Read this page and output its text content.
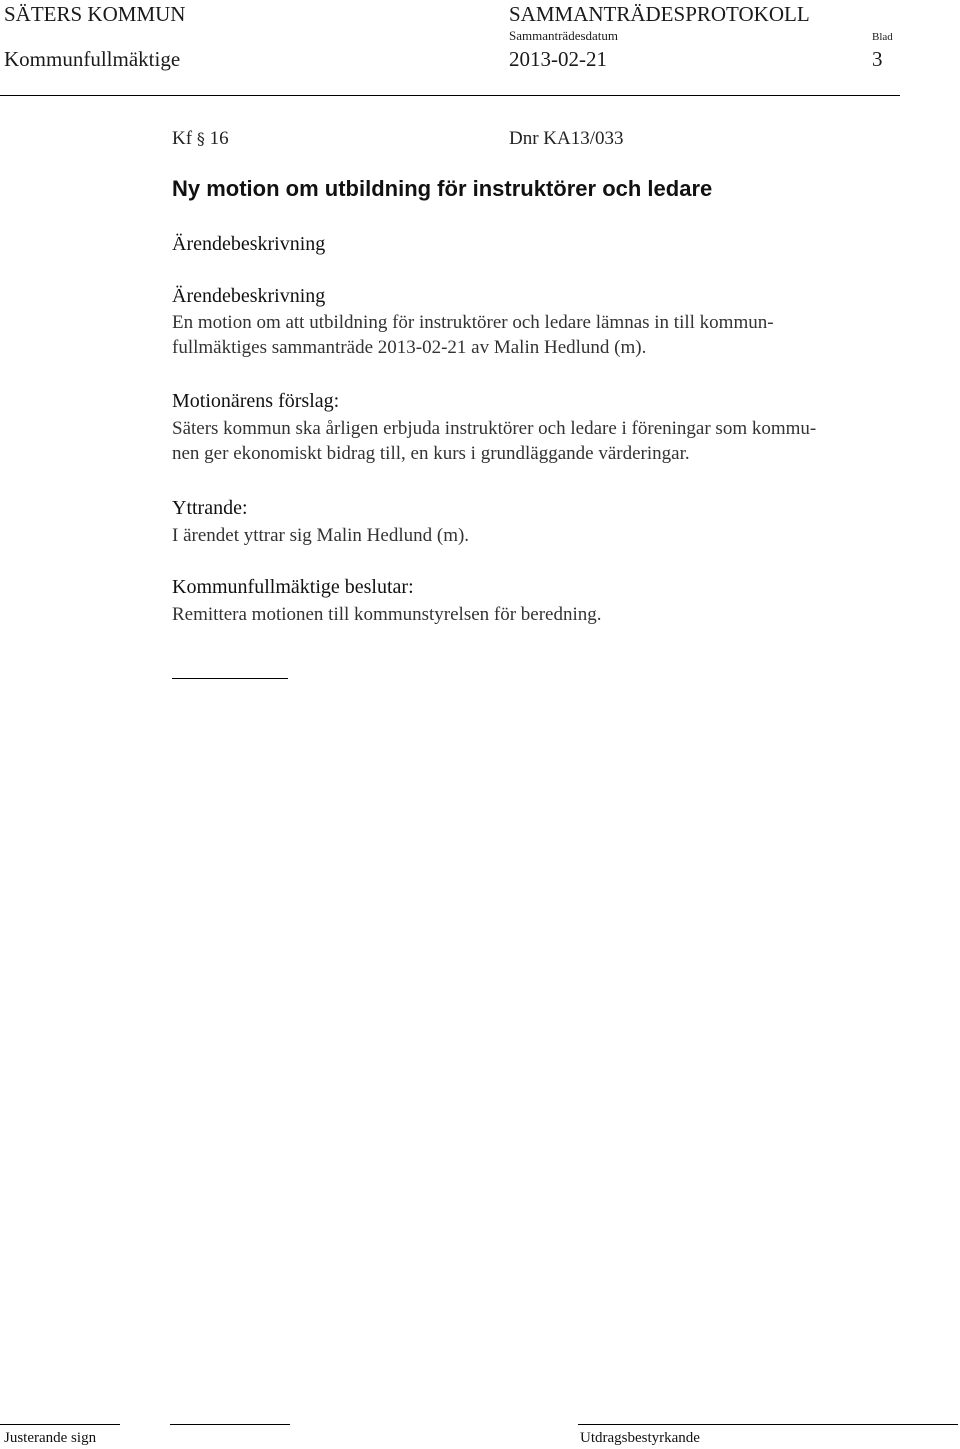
SÄTERS KOMMUN	SAMMANTRÄDESPROTOKOLL
Sammanträdesdatum	Blad
Kommunfullmäktige	2013-02-21	3
Kf § 16	Dnr KA13/033
Ny motion om utbildning för instruktörer och ledare
Ärendebeskrivning
Ärendebeskrivning
En motion om att utbildning för instruktörer och ledare lämnas in till kommun-
fullmäktiges sammanträde 2013-02-21 av Malin Hedlund (m).
Motionärens förslag:
Säters kommun ska årligen erbjuda instruktörer och ledare i föreningar som kommu-
nen ger ekonomiskt bidrag till, en kurs i grundläggande värderingar.
Yttrande:
I ärendet yttrar sig Malin Hedlund (m).
Kommunfullmäktige beslutar:
Remittera motionen till kommunstyrelsen för beredning.
Justerande sign	Utdragsbestyrkande
